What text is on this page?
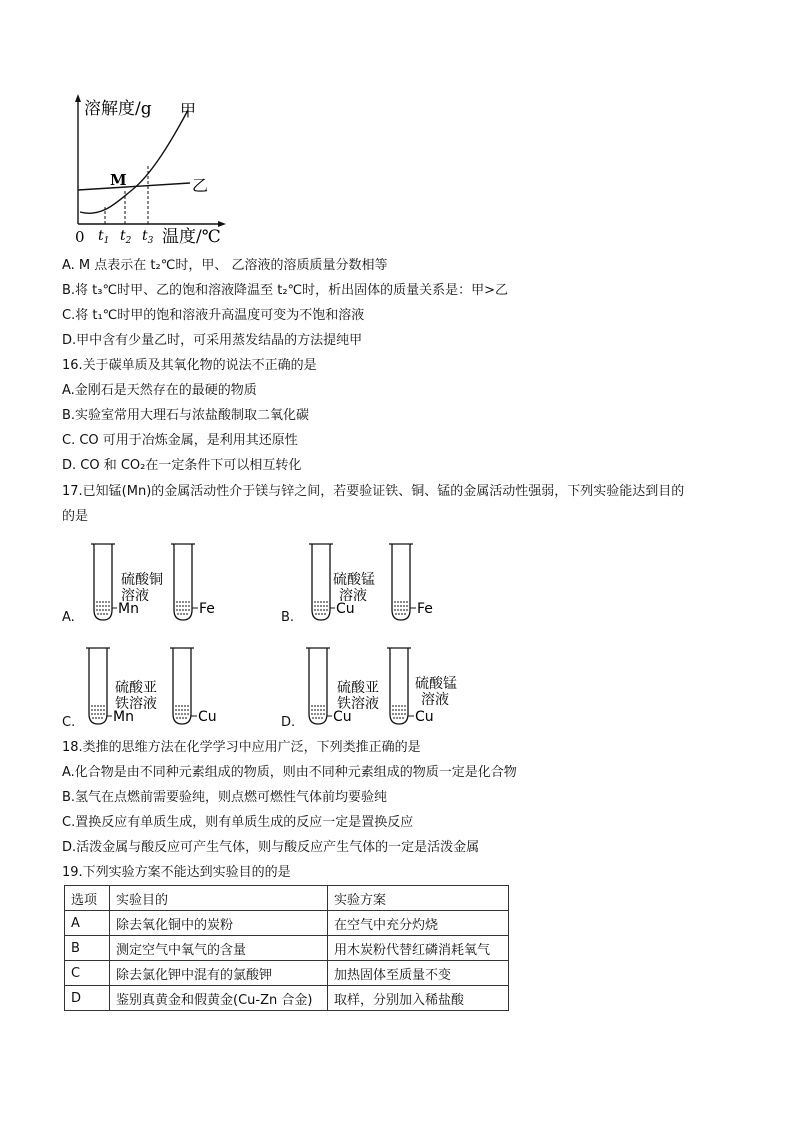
溶解度/g 甲
乙
M
0 $t_1$ $t_2$ $t_3$ 温度/℃
A. M 点表示在 t₂℃时，甲、 乙溶液的溶质质量分数相等
B.将 t₃℃时甲、乙的饱和溶液降温至 t₂℃时，析出固体的质量关系是：甲>乙
C.将 t₁℃时甲的饱和溶液升高温度可变为不饱和溶液
D.甲中含有少量乙时，可采用蒸发结晶的方法提纯甲
16.关于碳单质及其氧化物的说法不正确的是
A.金刚石是天然存在的最硬的物质
B.实验室常用大理石与浓盐酸制取二氧化碳
C. CO 可用于冶炼金属，是利用其还原性
D. CO 和 CO₂在一定条件下可以相互转化
17.已知锰(Mn)的金属活动性介于镁与锌之间，若要验证铁、铜、锰的金属活动性强弱，下列实验能达到目的
的是
A.
硫酸铜
溶液
Mn	Fe
B.
硫酸锰
溶液
Cu	Fe
C.
硫酸亚
铁溶液
Mn	Cu	D.
硫酸亚
铁溶液
Cu
硫酸锰
溶液
Cu
18.类推的思维方法在化学学习中应用广泛，下列类推正确的是
A.化合物是由不同种元素组成的物质，则由不同种元素组成的物质一定是化合物
B.氢气在点燃前需要验纯，则点燃可燃性气体前均要验纯
C.置换反应有单质生成，则有单质生成的反应一定是置换反应
D.活泼金属与酸反应可产生气体，则与酸反应产生气体的一定是活泼金属
19.下列实验方案不能达到实验目的的是
选项	实验目的	实验方案
A	除去氧化铜中的炭粉	在空气中充分灼烧
B	测定空气中氧气的含量	用木炭粉代替红磷消耗氧气
C	除去氯化钾中混有的氯酸钾	加热固体至质量不变
D	鉴别真黄金和假黄金(Cu-Zn 合金)	取样，分别加入稀盐酸
